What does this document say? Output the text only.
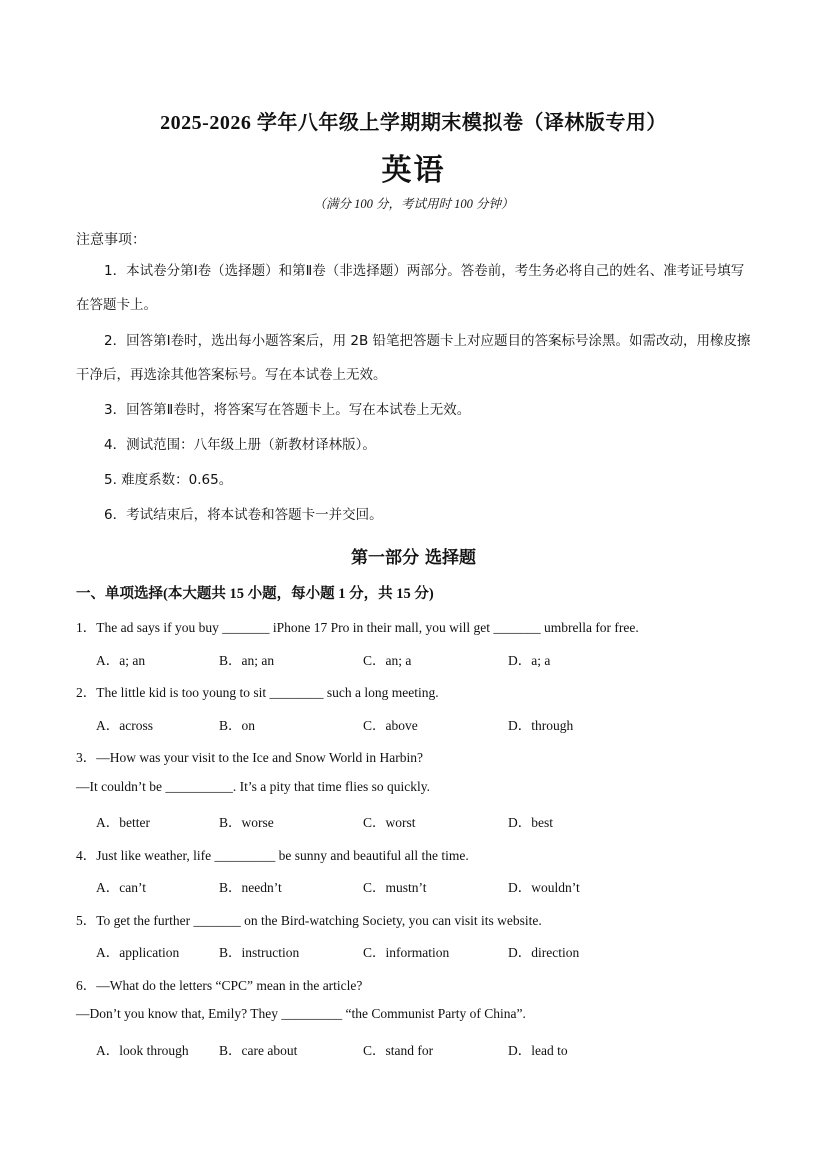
2025-2026 学年八年级上学期期末模拟卷（译林版专用）
英语
（满分 100 分，考试用时 100 分钟）
注意事项：
1．本试卷分第Ⅰ卷（选择题）和第Ⅱ卷（非选择题）两部分。答卷前，考生务必将自己的姓名、准考证号填写在答题卡上。
2．回答第Ⅰ卷时，选出每小题答案后，用 2B 铅笔把答题卡上对应题目的答案标号涂黑。如需改动，用橡皮擦干净后，再选涂其他答案标号。写在本试卷上无效。
3．回答第Ⅱ卷时，将答案写在答题卡上。写在本试卷上无效。
4．测试范围：八年级上册（新教材译林版）。
5. 难度系数：0.65。
6．考试结束后，将本试卷和答题卡一并交回。
第一部分 选择题
一、单项选择(本大题共 15 小题，每小题 1 分，共 15 分)
1．The ad says if you buy _______ iPhone 17 Pro in their mall, you will get _______ umbrella for free.
A．a; an	B．an; an	C．an; a	D．a; a
2．The little kid is too young to sit ________ such a long meeting.
A．across	B．on	C．above	D．through
3．—How was your visit to the Ice and Snow World in Harbin?
—It couldn’t be __________. It’s a pity that time flies so quickly.
A．better	B．worse	C．worst	D．best
4．Just like weather, life _________ be sunny and beautiful all the time.
A．can’t	B．needn’t	C．mustn’t	D．wouldn’t
5．To get the further _______ on the Bird-watching Society, you can visit its website.
A．application	B．instruction	C．information	D．direction
6．—What do the letters “CPC” mean in the article?
—Don’t you know that, Emily? They _________ “the Communist Party of China”.
A．look through B．care about	C．stand for	D．lead to
